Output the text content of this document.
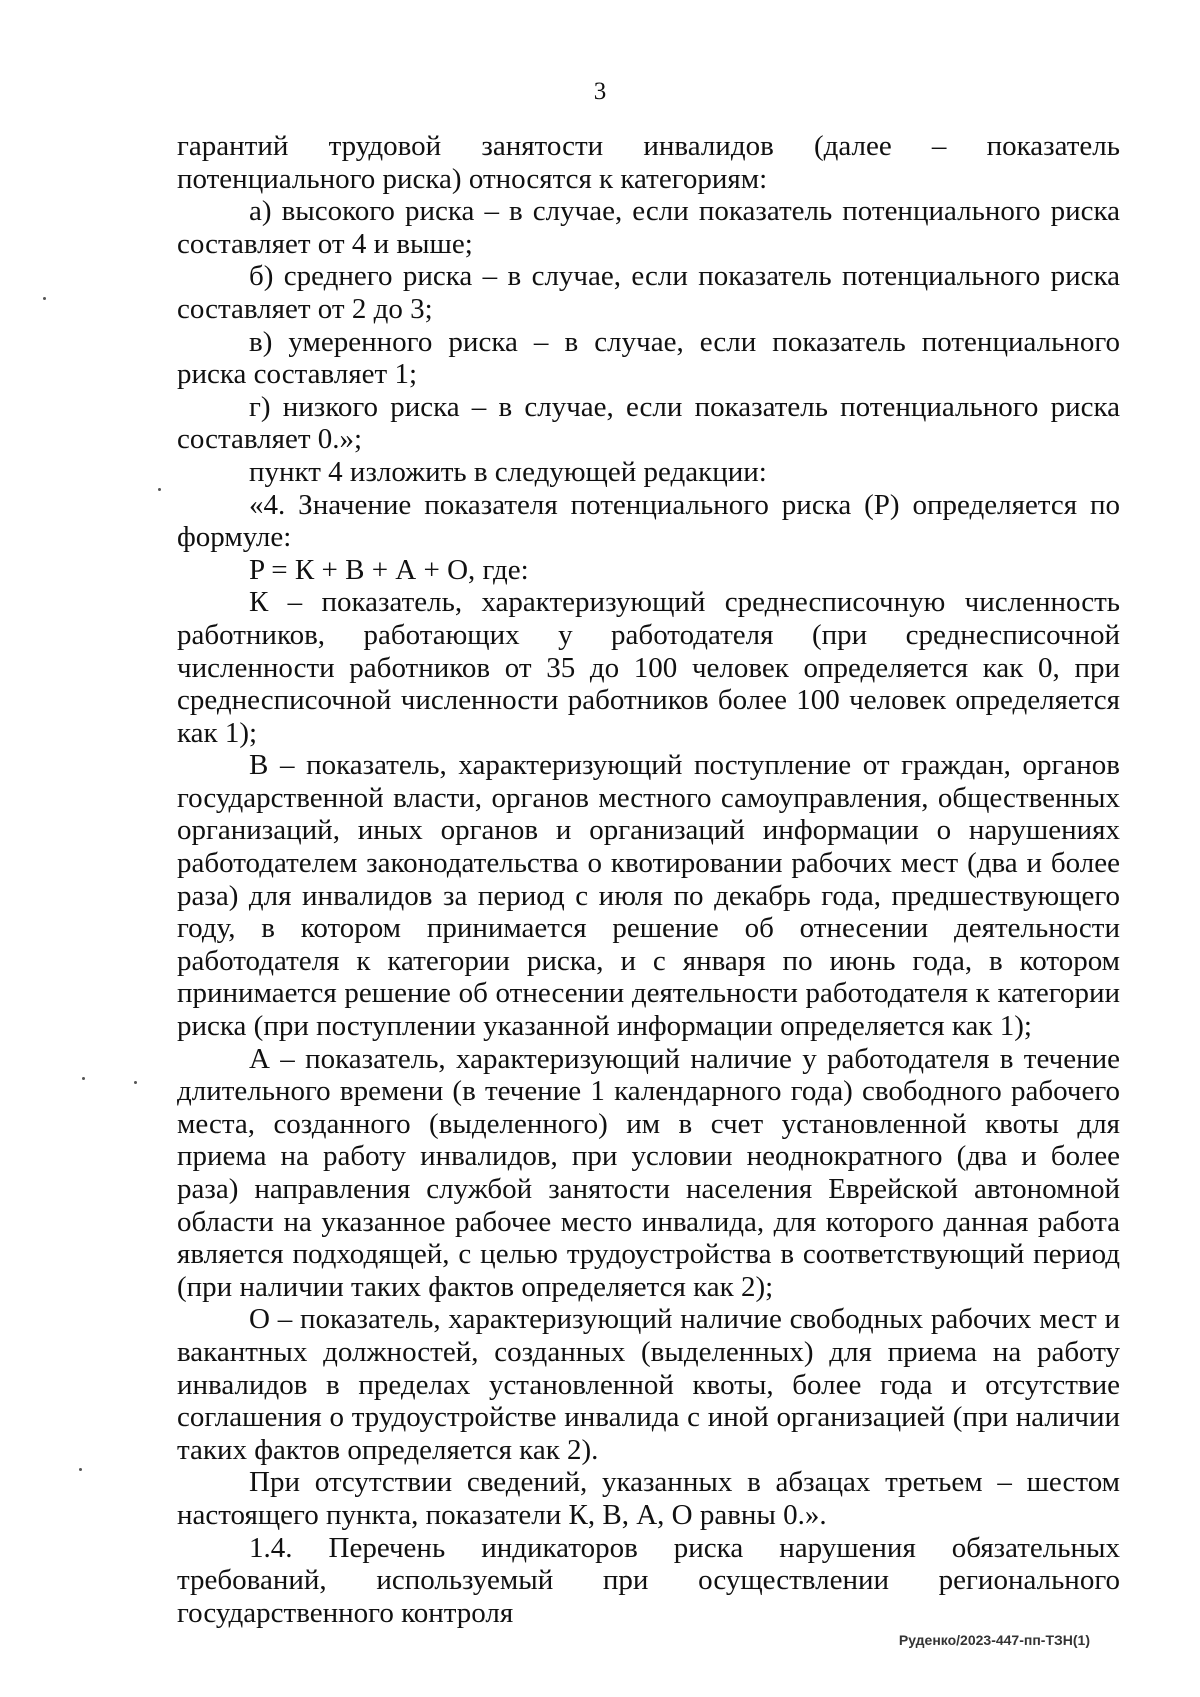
3

гарантий трудовой занятости инвалидов (далее – показатель потенциального риска) относятся к категориям:

а) высокого риска – в случае, если показатель потенциального риска составляет от 4 и выше;

б) среднего риска – в случае, если показатель потенциального риска составляет от 2 до 3;

в) умеренного риска – в случае, если показатель потенциального риска составляет 1;

г) низкого риска – в случае, если показатель потенциального риска составляет 0.»;

пункт 4 изложить в следующей редакции:

«4. Значение показателя потенциального риска (P) определяется по формуле:

P = К + В + А + О, где:

К – показатель, характеризующий среднесписочную численность работников, работающих у работодателя (при среднесписочной численности работников от 35 до 100 человек определяется как 0, при среднесписочной численности работников более 100 человек определяется как 1);

В – показатель, характеризующий поступление от граждан, органов государственной власти, органов местного самоуправления, общественных организаций, иных органов и организаций информации о нарушениях работодателем законодательства о квотировании рабочих мест (два и более раза) для инвалидов за период с июля по декабрь года, предшествующего году, в котором принимается решение об отнесении деятельности работодателя к категории риска, и с января по июнь года, в котором принимается решение об отнесении деятельности работодателя к категории риска (при поступлении указанной информации определяется как 1);

А – показатель, характеризующий наличие у работодателя в течение длительного времени (в течение 1 календарного года) свободного рабочего места, созданного (выделенного) им в счет установленной квоты для приема на работу инвалидов, при условии неоднократного (два и более раза) направления службой занятости населения Еврейской автономной области на указанное рабочее место инвалида, для которого данная работа является подходящей, с целью трудоустройства в соответствующий период (при наличии таких фактов определяется как 2);

О – показатель, характеризующий наличие свободных рабочих мест и вакантных должностей, созданных (выделенных) для приема на работу инвалидов в пределах установленной квоты, более года и отсутствие соглашения о трудоустройстве инвалида с иной организацией (при наличии таких фактов определяется как 2).

При отсутствии сведений, указанных в абзацах третьем – шестом настоящего пункта, показатели К, В, А, О равны 0.».

1.4. Перечень индикаторов риска нарушения обязательных требований, используемый при осуществлении регионального государственного контроля

Руденко/2023-447-пп-ТЗН(1)
